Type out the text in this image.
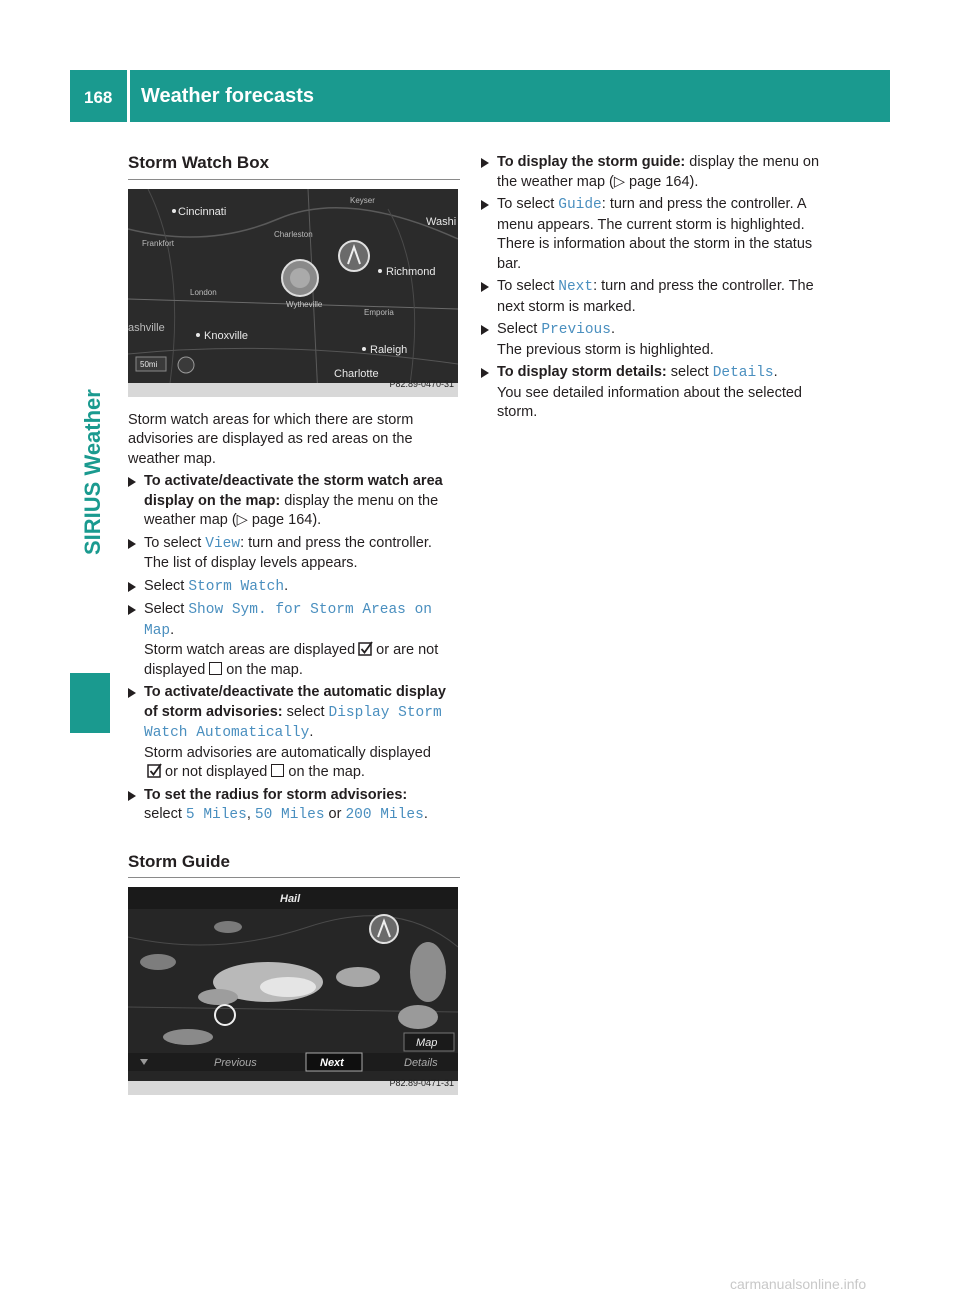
168 Weather forecasts
SIRIUS Weather
Storm Watch Box
Cincinnati
Frankfort
Charleston
Richmond
Washi
London
Wytheville
Knoxville
Raleigh
Charlotte
Keyser
Emporia
ashville
50mi
P82.89-0470-31

Storm watch areas for which there are storm advisories are displayed as red areas on the weather map.

To activate/deactivate the storm watch area display on the map: display the menu on the weather map (▷ page 164).
To select View: turn and press the controller. The list of display levels appears.
Select Storm Watch.
Select Show Sym. for Storm Areas on Map.
Storm watch areas are displayed or are not displayed on the map.
To activate/deactivate the automatic display of storm advisories: select Display Storm Watch Automatically.
Storm advisories are automatically displayed
or not displayed on the map.
To set the radius for storm advisories:
select 5 Miles, 50 Miles or 200 Miles.
Storm Guide
Hail
Map
Previous	Next	Details
P82.89-0471-31
To display the storm guide: display the menu on the weather map (▷ page 164).
To select Guide: turn and press the controller. A menu appears. The current storm is highlighted. There is information about the storm in the status bar.
To select Next: turn and press the controller. The next storm is marked.
Select Previous.
The previous storm is highlighted.
To display storm details: select Details.
You see detailed information about the selected storm.
carmanualsonline.info
